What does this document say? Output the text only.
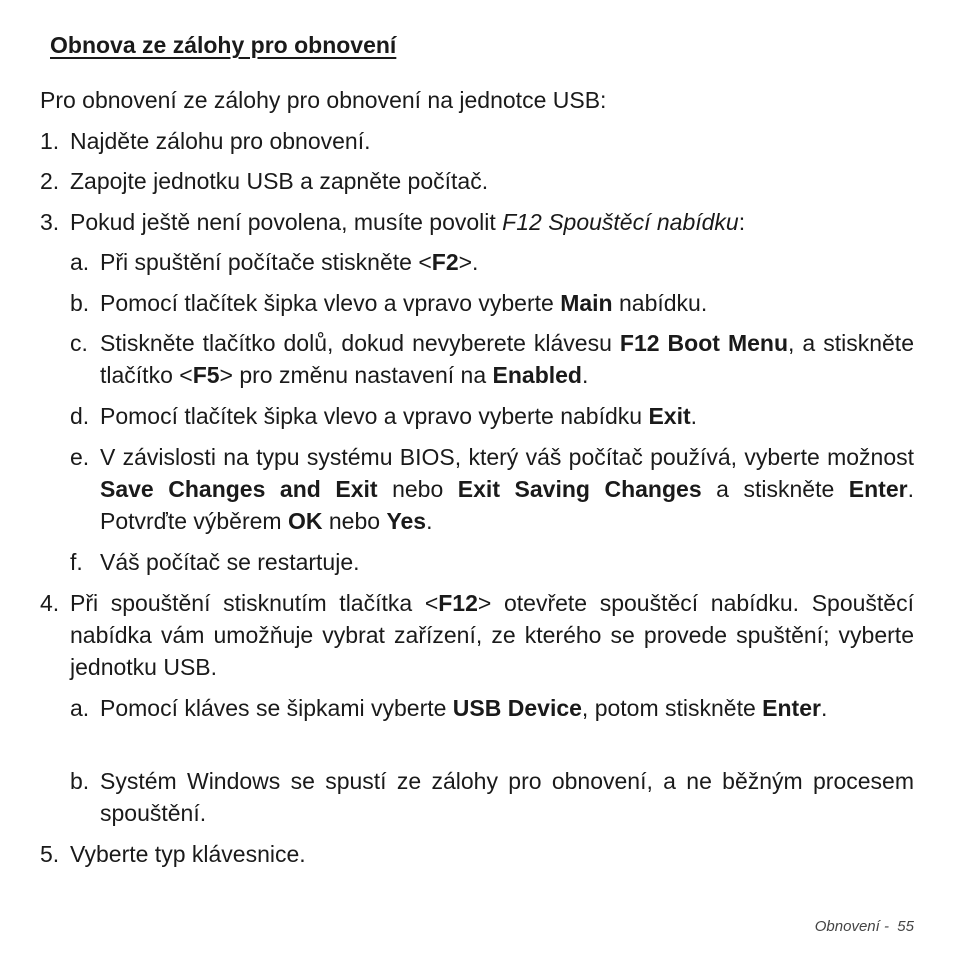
Obnova ze zálohy pro obnovení
Pro obnovení ze zálohy pro obnovení na jednotce USB:
1. Najděte zálohu pro obnovení.
2. Zapojte jednotku USB a zapněte počítač.
3. Pokud ještě není povolena, musíte povolit F12 Spouštěcí nabídku:
a. Při spuštění počítače stiskněte <F2>.
b. Pomocí tlačítek šipka vlevo a vpravo vyberte Main nabídku.
c. Stiskněte tlačítko dolů, dokud nevyberete klávesu F12 Boot Menu, a stiskněte tlačítko <F5> pro změnu nastavení na Enabled.
d. Pomocí tlačítek šipka vlevo a vpravo vyberte nabídku Exit.
e. V závislosti na typu systému BIOS, který váš počítač používá, vyberte možnost Save Changes and Exit nebo Exit Saving Changes a stiskněte Enter. Potvrďte výběrem OK nebo Yes.
f. Váš počítač se restartuje.
4. Při spouštění stisknutím tlačítka <F12> otevřete spouštěcí nabídku. Spouštěcí nabídka vám umožňuje vybrat zařízení, ze kterého se provede spuštění; vyberte jednotku USB.
a. Pomocí kláves se šipkami vyberte USB Device, potom stiskněte Enter.
b. Systém Windows se spustí ze zálohy pro obnovení, a ne běžným procesem spouštění.
5. Vyberte typ klávesnice.
Obnovení -  55
